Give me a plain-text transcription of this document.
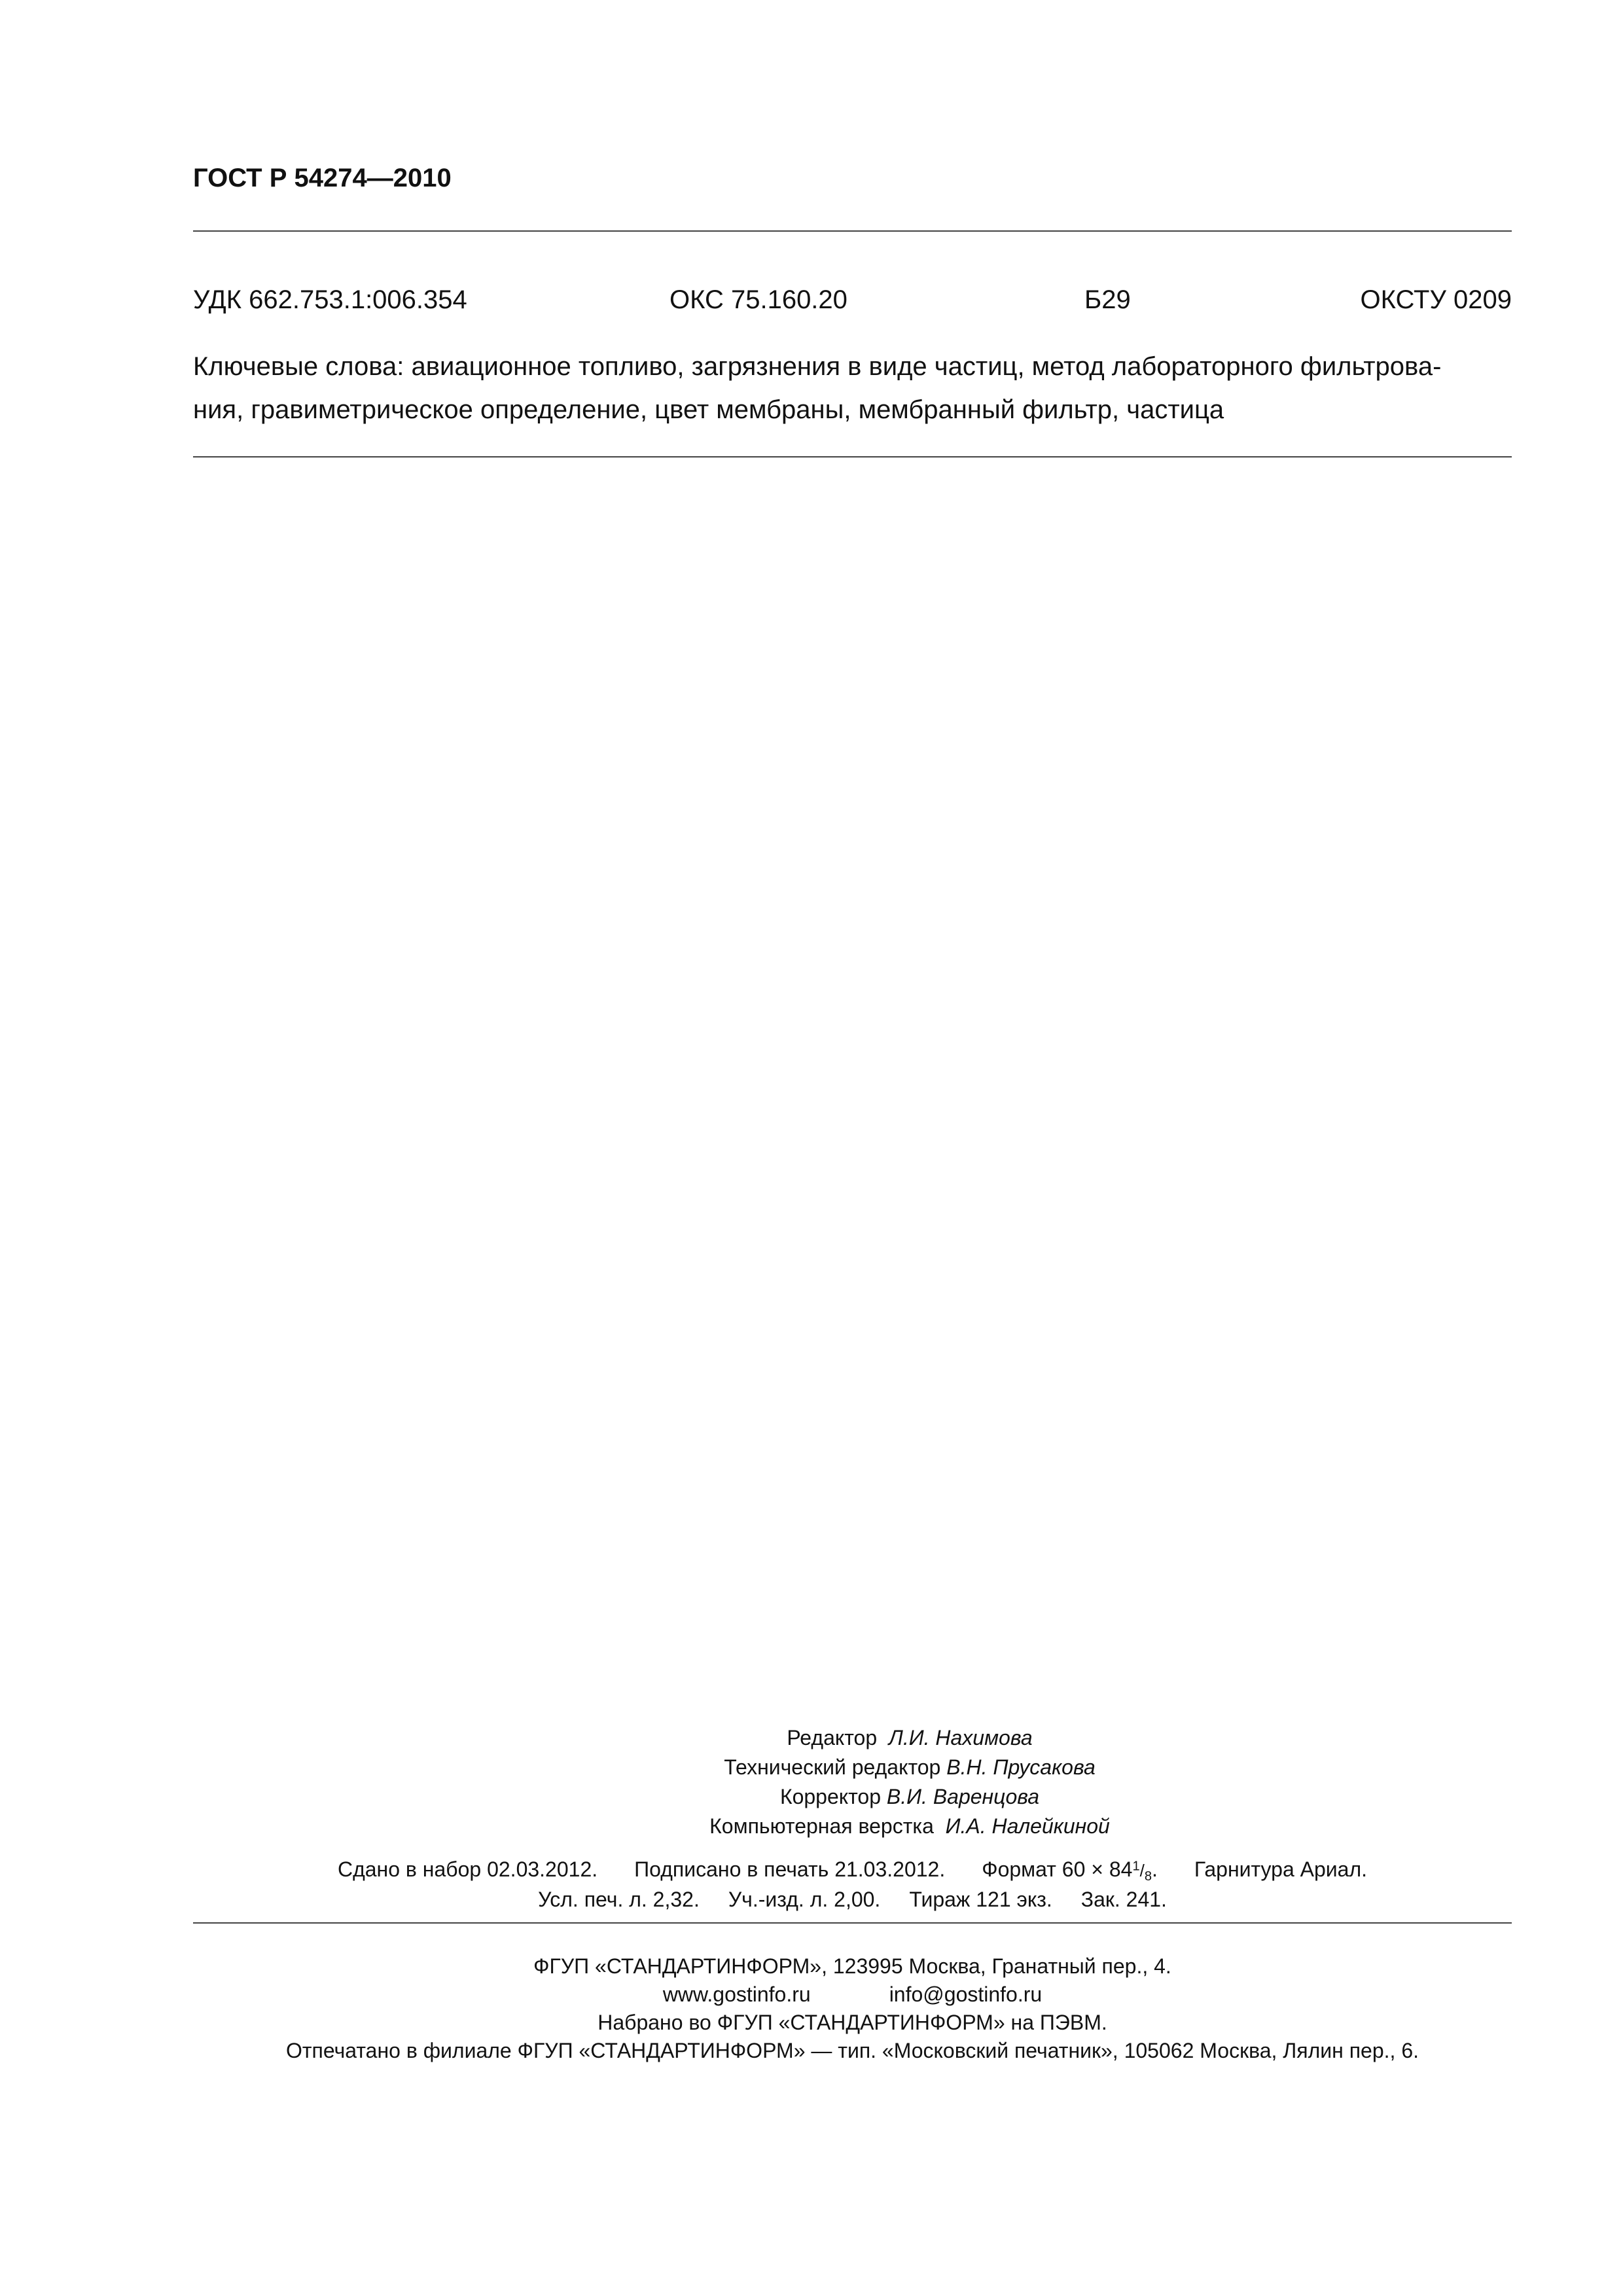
ГОСТ Р 54274—2010
УДК 662.753.1:006.354	ОКС 75.160.20	Б29	ОКСТУ 0209
Ключевые слова: авиационное топливо, загрязнения в виде частиц, метод лабораторного фильтрова-
ния, гравиметрическое определение, цвет мембраны, мембранный фильтр, частица
Редактор Л.И. Нахимова
Технический редактор В.Н. Прусакова
Корректор В.И. Варенцова
Компьютерная верстка И.А. Налейкиной
Сдано в набор 02.03.2012. Подписано в печать 21.03.2012. Формат $60 \times 84^1/_8$. Гарнитура Ариал.
Усл. печ. л. 2,32. Уч.-изд. л. 2,00. Тираж 121 экз. Зак. 241.
ФГУП «СТАНДАРТИНФОРМ», 123995 Москва, Гранатный пер., 4.
www.gostinfo.ru	info@gostinfo.ru
Набрано во ФГУП «СТАНДАРТИНФОРМ» на ПЭВМ.
Отпечатано в филиале ФГУП «СТАНДАРТИНФОРМ» — тип. «Московский печатник», 105062 Москва, Лялин пер., 6.
